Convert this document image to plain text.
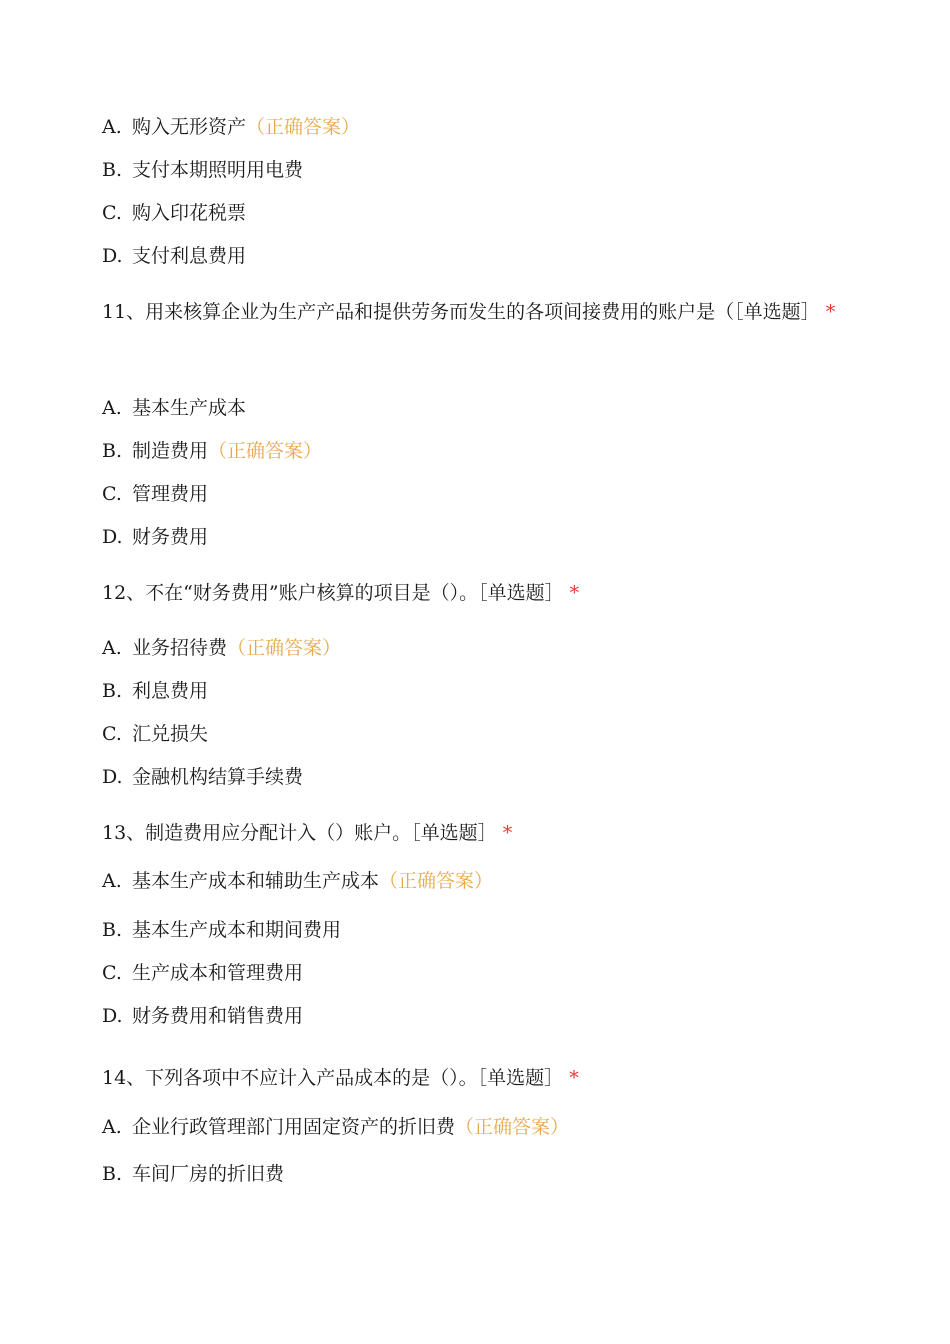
A. 购入无形资产（正确答案）
B. 支付本期照明用电费
C. 购入印花税票
D. 支付利息费用
11、用来核算企业为生产产品和提供劳务而发生的各项间接费用的账户是（［单选题］ *
A. 基本生产成本
B. 制造费用（正确答案）
C. 管理费用
D. 财务费用
12、不在“财务费用”账户核算的项目是（）。［单选题］ *
A. 业务招待费（正确答案）
B. 利息费用
C. 汇兑损失
D. 金融机构结算手续费
13、制造费用应分配计入（）账户。［单选题］ *
A. 基本生产成本和辅助生产成本（正确答案）
B. 基本生产成本和期间费用
C. 生产成本和管理费用
D. 财务费用和销售费用
14、下列各项中不应计入产品成本的是（）。［单选题］ *
A. 企业行政管理部门用固定资产的折旧费（正确答案）
B. 车间厂房的折旧费
